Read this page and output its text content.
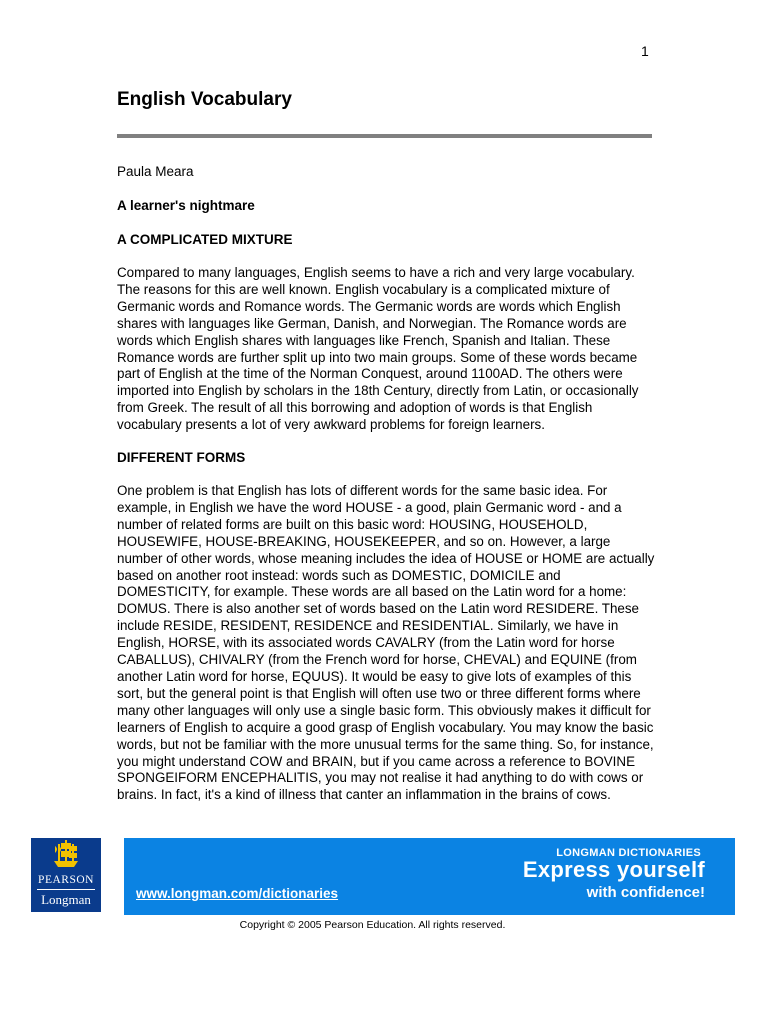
1
English Vocabulary
Paula Meara
A learner's nightmare
A COMPLICATED MIXTURE

Compared to many languages, English seems to have a rich and very large vocabulary. The reasons for this are well known. English vocabulary is a complicated mixture of Germanic words and Romance words. The Germanic words are words which English shares with languages like German, Danish, and Norwegian. The Romance words are words which English shares with languages like French, Spanish and Italian. These Romance words are further split up into two main groups. Some of these words became part of English at the time of the Norman Conquest, around 1100AD. The others were imported into English by scholars in the 18th Century, directly from Latin, or occasionally from Greek. The result of all this borrowing and adoption of words is that English vocabulary presents a lot of very awkward problems for foreign learners.

DIFFERENT FORMS

One problem is that English has lots of different words for the same basic idea. For example, in English we have the word HOUSE - a good, plain Germanic word - and a number of related forms are built on this basic word: HOUSING, HOUSEHOLD, HOUSEWIFE, HOUSE-BREAKING, HOUSEKEEPER, and so on. However, a large number of other words, whose meaning includes the idea of HOUSE or HOME are actually based on another root instead: words such as DOMESTIC, DOMICILE and DOMESTICITY, for example. These words are all based on the Latin word for a home: DOMUS. There is also another set of words based on the Latin word RESIDERE. These include RESIDE, RESIDENT, RESIDENCE and RESIDENTIAL. Similarly, we have in English, HORSE, with its associated words CAVALRY (from the Latin word for horse CABALLUS), CHIVALRY (from the French word for horse, CHEVAL) and EQUINE (from another Latin word for horse, EQUUS). It would be easy to give lots of examples of this sort, but the general point is that English will often use two or three different forms where many other languages will only use a single basic form. This obviously makes it difficult for learners of English to acquire a good grasp of English vocabulary. You may know the basic words, but not be familiar with the more unusual terms for the same thing. So, for instance, you might understand COW and BRAIN, but if you came across a reference to BOVINE SPONGEIFORM ENCEPHALITIS, you may not realise it had anything to do with cows or brains. In fact, it's a kind of illness that canter an inflammation in the brains of cows.

PEARSON
Longman	www.longman.com/dictionaries
LONGMAN DICTIONARIES
Express yourself
with confidence!
Copyright © 2005 Pearson Education. All rights reserved.
